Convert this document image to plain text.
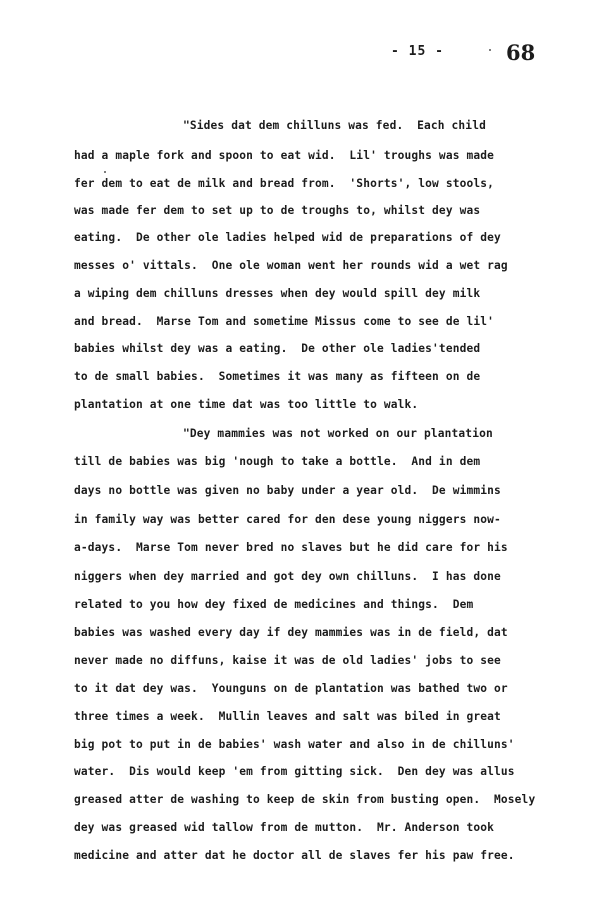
- 15 -	68
"Sides dat dem chilluns was fed.  Each child
had a maple fork and spoon to eat wid.  Lil' troughs was made
fer dem to eat de milk and bread from.  'Shorts', low stools,
was made fer dem to set up to de troughs to, whilst dey was
eating.  De other ole ladies helped wid de preparations of dey
messes o' vittals.  One ole woman went her rounds wid a wet rag
a wiping dem chilluns dresses when dey would spill dey milk
and bread.  Marse Tom and sometime Missus come to see de lil'
babies whilst dey was a eating.  De other ole ladies'tended
to de small babies.  Sometimes it was many as fifteen on de
plantation at one time dat was too little to walk.
"Dey mammies was not worked on our plantation
till de babies was big 'nough to take a bottle.  And in dem
days no bottle was given no baby under a year old.  De wimmins
in family way was better cared for den dese young niggers now-
a-days.  Marse Tom never bred no slaves but he did care for his
niggers when dey married and got dey own chilluns.  I has done
related to you how dey fixed de medicines and things.  Dem
babies was washed every day if dey mammies was in de field, dat
never made no diffuns, kaise it was de old ladies' jobs to see
to it dat dey was.  Younguns on de plantation was bathed two or
three times a week.  Mullin leaves and salt was biled in great
big pot to put in de babies' wash water and also in de chilluns'
water.  Dis would keep 'em from gitting sick.  Den dey was allus
greased atter de washing to keep de skin from busting open.  Mosely
dey was greased wid tallow from de mutton.  Mr. Anderson took
medicine and atter dat he doctor all de slaves fer his paw free.
